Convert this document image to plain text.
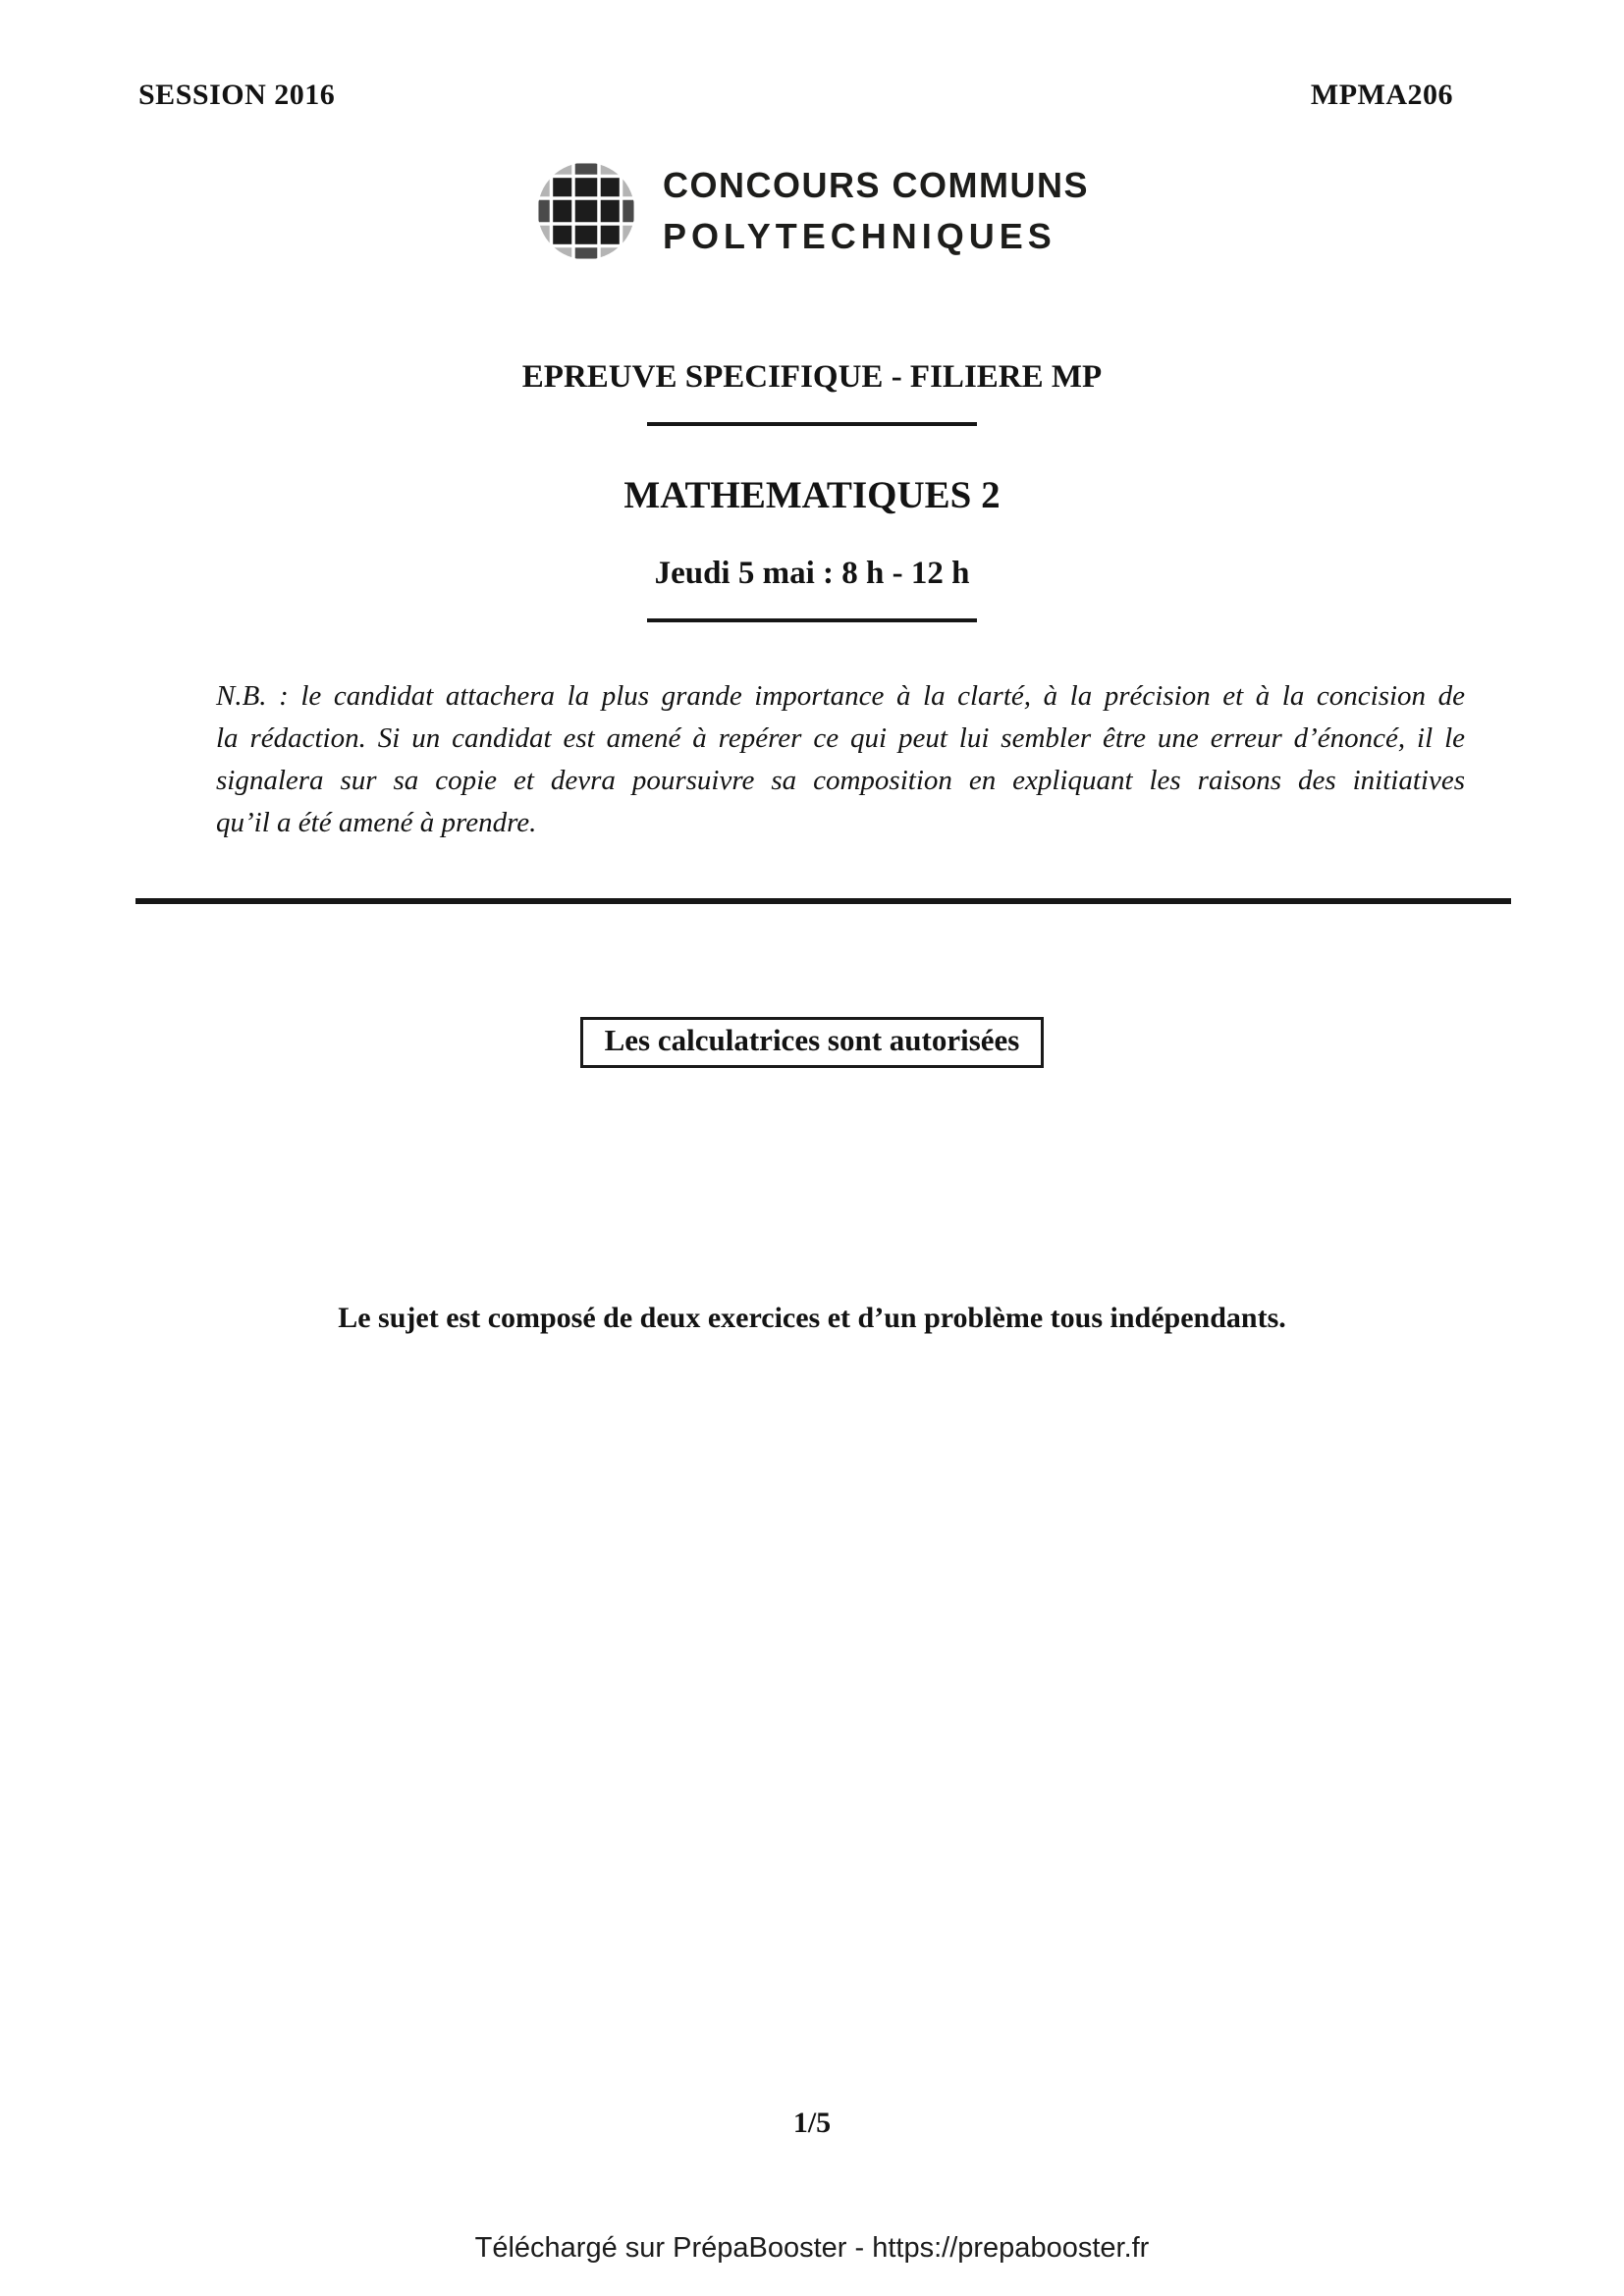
SESSION 2016	MPMA206
CONCOURS COMMUNS
POLYTECHNIQUES
EPREUVE SPECIFIQUE - FILIERE MP
MATHEMATIQUES 2
Jeudi 5 mai : 8 h - 12 h
N.B. : le candidat attachera la plus grande importance à la clarté, à la précision et à la concision de
la rédaction. Si un candidat est amené à repérer ce qui peut lui sembler être une erreur d’énoncé, il le
signalera sur sa copie et devra poursuivre sa composition en expliquant les raisons des initiatives
qu’il a été amené à prendre.
Les calculatrices sont autorisées
Le sujet est composé de deux exercices et d’un problème tous indépendants.
1/5
Téléchargé sur PrépaBooster - https://prepabooster.fr
